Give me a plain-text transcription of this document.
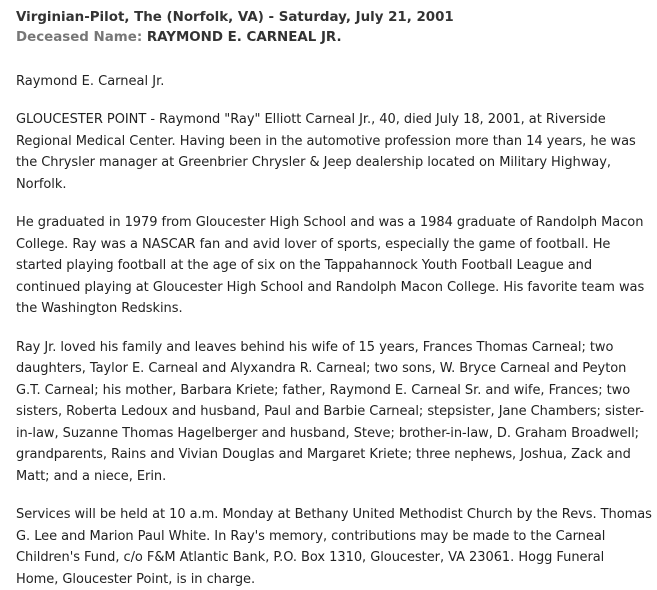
Virginian-Pilot, The (Norfolk, VA) - Saturday, July 21, 2001
Deceased Name: RAYMOND E. CARNEAL JR.
Raymond E. Carneal Jr.
GLOUCESTER POINT - Raymond "Ray" Elliott Carneal Jr., 40, died July 18, 2001, at Riverside
Regional Medical Center. Having been in the automotive profession more than 14 years, he was
the Chrysler manager at Greenbrier Chrysler & Jeep dealership located on Military Highway,
Norfolk.
He graduated in 1979 from Gloucester High School and was a 1984 graduate of Randolph Macon
College. Ray was a NASCAR fan and avid lover of sports, especially the game of football. He
started playing football at the age of six on the Tappahannock Youth Football League and
continued playing at Gloucester High School and Randolph Macon College. His favorite team was
the Washington Redskins.
Ray Jr. loved his family and leaves behind his wife of 15 years, Frances Thomas Carneal; two
daughters, Taylor E. Carneal and Alyxandra R. Carneal; two sons, W. Bryce Carneal and Peyton
G.T. Carneal; his mother, Barbara Kriete; father, Raymond E. Carneal Sr. and wife, Frances; two
sisters, Roberta Ledoux and husband, Paul and Barbie Carneal; stepsister, Jane Chambers; sister-
in-law, Suzanne Thomas Hagelberger and husband, Steve; brother-in-law, D. Graham Broadwell;
grandparents, Rains and Vivian Douglas and Margaret Kriete; three nephews, Joshua, Zack and
Matt; and a niece, Erin.
Services will be held at 10 a.m. Monday at Bethany United Methodist Church by the Revs. Thomas
G. Lee and Marion Paul White. In Ray's memory, contributions may be made to the Carneal
Children's Fund, c/o F&M Atlantic Bank, P.O. Box 1310, Gloucester, VA 23061. Hogg Funeral
Home, Gloucester Point, is in charge.
